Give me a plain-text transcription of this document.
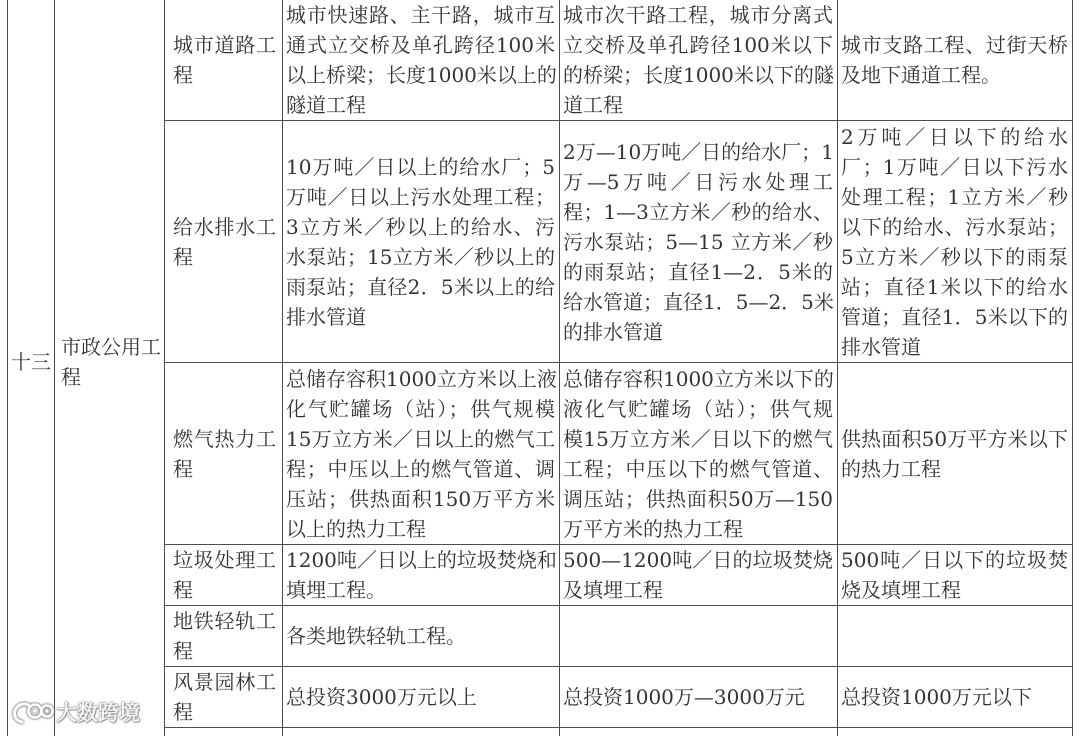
十三
市政公用工
程
城市道路工
程
城市快速路、主干路，城市互
通式立交桥及单孔跨径100米
以上桥梁；长度1000米以上的
隧道工程
城市次干路工程，城市分离式
立交桥及单孔跨径100米以下
的桥梁；长度1000米以下的隧
道工程
城市支路工程、过街天桥
及地下通道工程。
给水排水工
程
10万吨／日以上的给水厂；5
万吨／日以上污水处理工程；
3立方米／秒以上的给水、污
水泵站；15立方米／秒以上的
雨泵站；直径2．5米以上的给
排水管道
2万—10万吨／日的给水厂；1
万—5万吨／日污水处理工
程；1—3立方米／秒的给水、
污水泵站；5—15 立方米／秒
的雨泵站；直径1—2．5米的
给水管道；直径1．5—2．5米
的排水管道
2万吨／日以下的给水
厂；1万吨／日以下污水
处理工程；1立方米／秒
以下的给水、污水泵站；
5立方米／秒以下的雨泵
站；直径1米以下的给水
管道；直径1．5米以下的
排水管道
燃气热力工
程
总储存容积1000立方米以上液
化气贮罐场（站）；供气规模
15万立方米／日以上的燃气工
程；中压以上的燃气管道、调
压站；供热面积150万平方米
以上的热力工程
总储存容积1000立方米以下的
液化气贮罐场（站）；供气规
模15万立方米／日以下的燃气
工程；中压以下的燃气管道、
调压站；供热面积50万—150
万平方米的热力工程
供热面积50万平方米以下
的热力工程
垃圾处理工
程
1200吨／日以上的垃圾焚烧和
填埋工程。
500—1200吨／日的垃圾焚烧
及填埋工程
500吨／日以下的垃圾焚
烧及填埋工程
地铁轻轨工
程
各类地铁轻轨工程。
风景园林工
程
总投资3000万元以上	总投资1000万—3000万元	总投资1000万元以下
大数跨境
